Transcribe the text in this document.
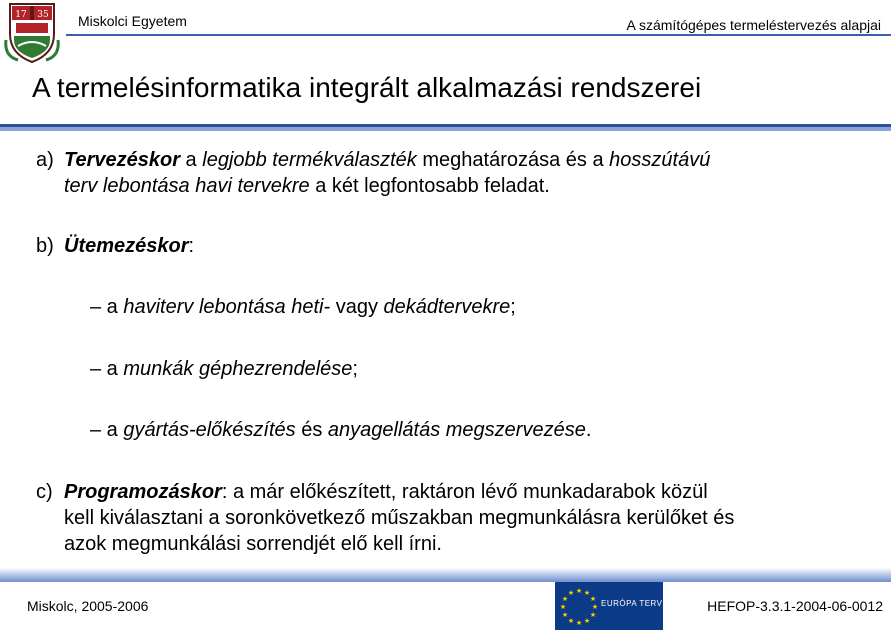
17 35 Miskolci Egyetem	A számítógépes termeléstervezés alapjai
A termelésinformatika integrált alkalmazási rendszerei
a) Tervezéskor a legjobb termékválaszték meghatározása és a hosszútávú
terv lebontása havi tervekre a két legfontosabb feladat.
b) Ütemezéskor:
– a haviterv lebontása heti- vagy dekádtervekre;
– a munkák géphezrendelése;
– a gyártás-előkészítés és anyagellátás megszervezése.
c) Programozáskor: a már előkészített, raktáron lévő munkadarabok közül
kell kiválasztani a soronkövetkező műszakban megmunkálásra kerülőket és
azok megmunkálási sorrendjét elő kell írni.
Miskolc, 2005-2006
★ ★
★
★
★
★
★
★
★
★
★
★
EURÓPA TERV	HEFOP-3.3.1-2004-06-0012
